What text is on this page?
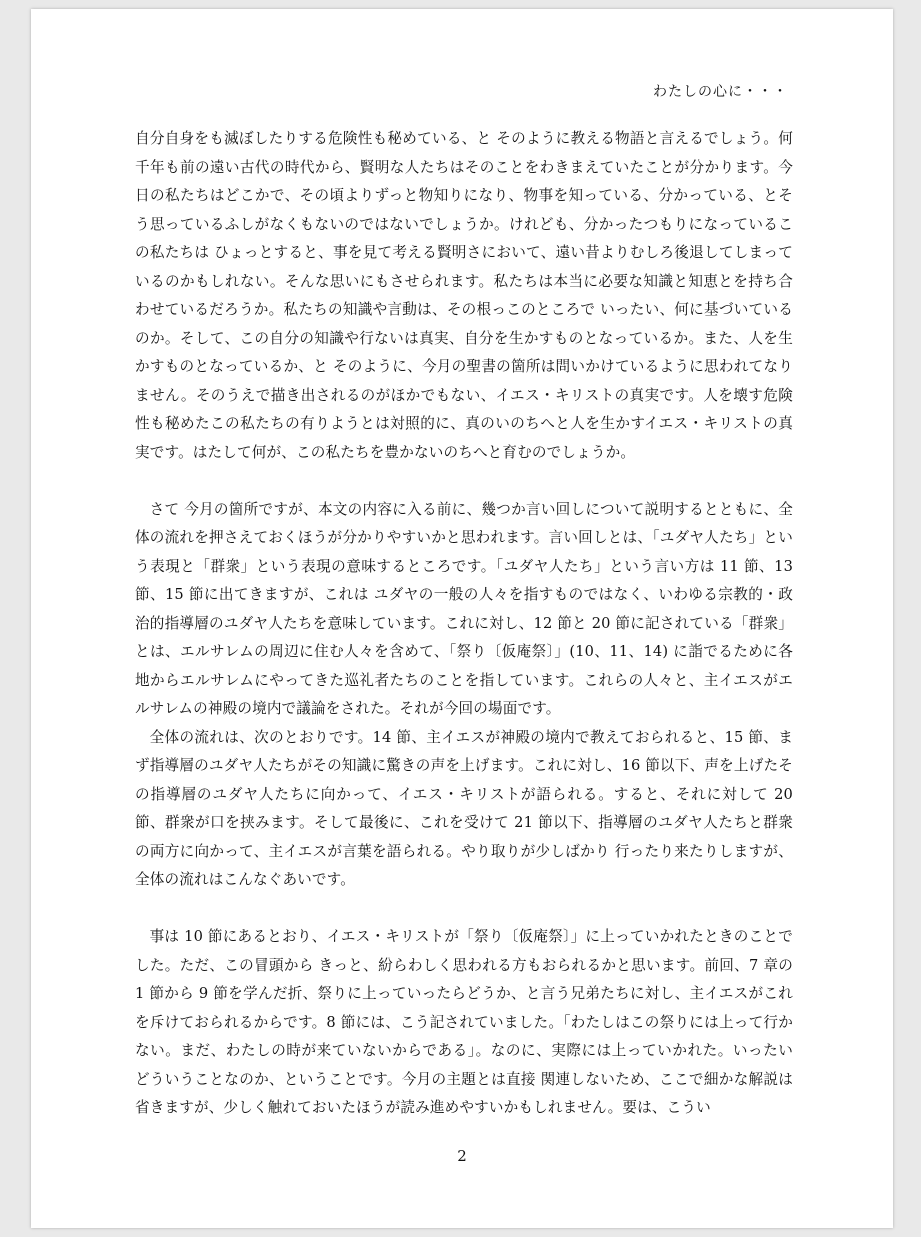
わたしの心に・・・

自分自身をも滅ぼしたりする危険性も秘めている、と そのように教える物語と言えるでしょう。何千年も前の遠い古代の時代から、賢明な人たちはそのことをわきまえていたことが分かります。今日の私たちはどこかで、その頃よりずっと物知りになり、物事を知っている、分かっている、とそう思っているふしがなくもないのではないでしょうか。けれども、分かったつもりになっているこの私たちは ひょっとすると、事を見て考える賢明さにおいて、遠い昔よりむしろ後退してしまっているのかもしれない。そんな思いにもさせられます。私たちは本当に必要な知識と知恵とを持ち合わせているだろうか。私たちの知識や言動は、その根っこのところで いったい、何に基づいているのか。そして、この自分の知識や行ないは真実、自分を生かすものとなっているか。また、人を生かすものとなっているか、と そのように、今月の聖書の箇所は問いかけているように思われてなりません。そのうえで描き出されるのがほかでもない、イエス・キリストの真実です。人を壊す危険性も秘めたこの私たちの有りようとは対照的に、真のいのちへと人を生かすイエス・キリストの真実です。はたして何が、この私たちを豊かないのちへと育むのでしょうか。

さて 今月の箇所ですが、本文の内容に入る前に、幾つか言い回しについて説明するとともに、全体の流れを押さえておくほうが分かりやすいかと思われます。言い回しとは、「ユダヤ人たち」という表現と「群衆」という表現の意味するところです。「ユダヤ人たち」という言い方は 11 節、13 節、15 節に出てきますが、これは ユダヤの一般の人々を指すものではなく、いわゆる宗教的・政治的指導層のユダヤ人たちを意味しています。これに対し、12 節と 20 節に記されている「群衆」とは、エルサレムの周辺に住む人々を含めて、「祭り〔仮庵祭〕」(10、11、14) に詣でるために各地からエルサレムにやってきた巡礼者たちのことを指しています。これらの人々と、主イエスがエルサレムの神殿の境内で議論をされた。それが今回の場面です。

全体の流れは、次のとおりです。14 節、主イエスが神殿の境内で教えておられると、15 節、まず指導層のユダヤ人たちがその知識に驚きの声を上げます。これに対し、16 節以下、声を上げたその指導層のユダヤ人たちに向かって、イエス・キリストが語られる。すると、それに対して 20 節、群衆が口を挟みます。そして最後に、これを受けて 21 節以下、指導層のユダヤ人たちと群衆の両方に向かって、主イエスが言葉を語られる。やり取りが少しばかり 行ったり来たりしますが、全体の流れはこんなぐあいです。

事は 10 節にあるとおり、イエス・キリストが「祭り〔仮庵祭〕」に上っていかれたときのことでした。ただ、この冒頭から きっと、紛らわしく思われる方もおられるかと思います。前回、7 章の 1 節から 9 節を学んだ折、祭りに上っていったらどうか、と言う兄弟たちに対し、主イエスがこれを斥けておられるからです。8 節には、こう記されていました。「わたしはこの祭りには上って行かない。まだ、わたしの時が来ていないからである」。なのに、実際には上っていかれた。いったい どういうことなのか、ということです。今月の主題とは直接 関連しないため、ここで細かな解説は省きますが、少しく触れておいたほうが読み進めやすいかもしれません。要は、こうい

2
